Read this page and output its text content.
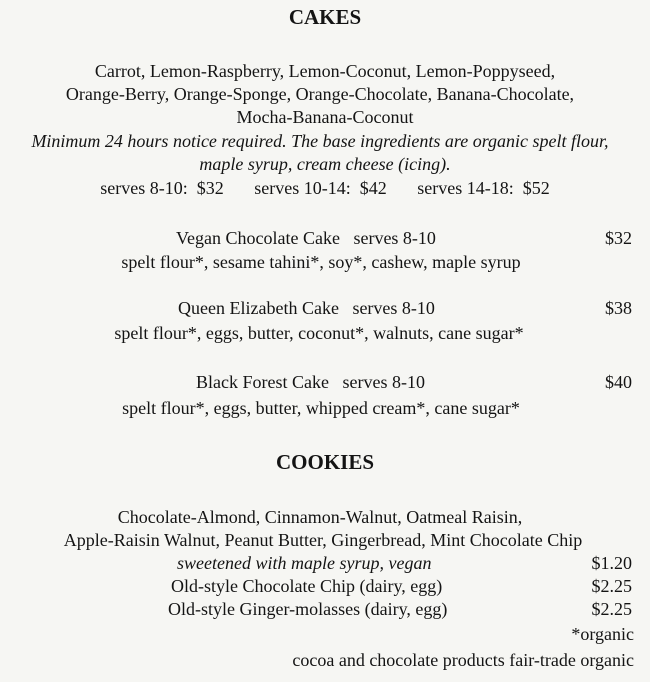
CAKES
Carrot, Lemon-Raspberry, Lemon-Coconut, Lemon-Poppyseed,
Orange-Berry, Orange-Sponge, Orange-Chocolate, Banana-Chocolate,
Mocha-Banana-Coconut
Minimum 24 hours notice required. The base ingredients are organic spelt flour,
maple syrup, cream cheese (icing).
serves 8-10: $32 serves 10-14: $42 serves 14-18: $52
Vegan Chocolate Cake serves 8-10	$32
spelt flour*, sesame tahini*, soy*, cashew, maple syrup
Queen Elizabeth Cake serves 8-10	$38
spelt flour*, eggs, butter, coconut*, walnuts, cane sugar*
Black Forest Cake serves 8-10	$40
spelt flour*, eggs, butter, whipped cream*, cane sugar*
COOKIES
Chocolate-Almond, Cinnamon-Walnut, Oatmeal Raisin,
Apple-Raisin Walnut, Peanut Butter, Gingerbread, Mint Chocolate Chip
sweetened with maple syrup, vegan	$1.20
Old-style Chocolate Chip (dairy, egg)	$2.25
Old-style Ginger-molasses (dairy, egg)	$2.25
*organic
cocoa and chocolate products fair-trade organic
